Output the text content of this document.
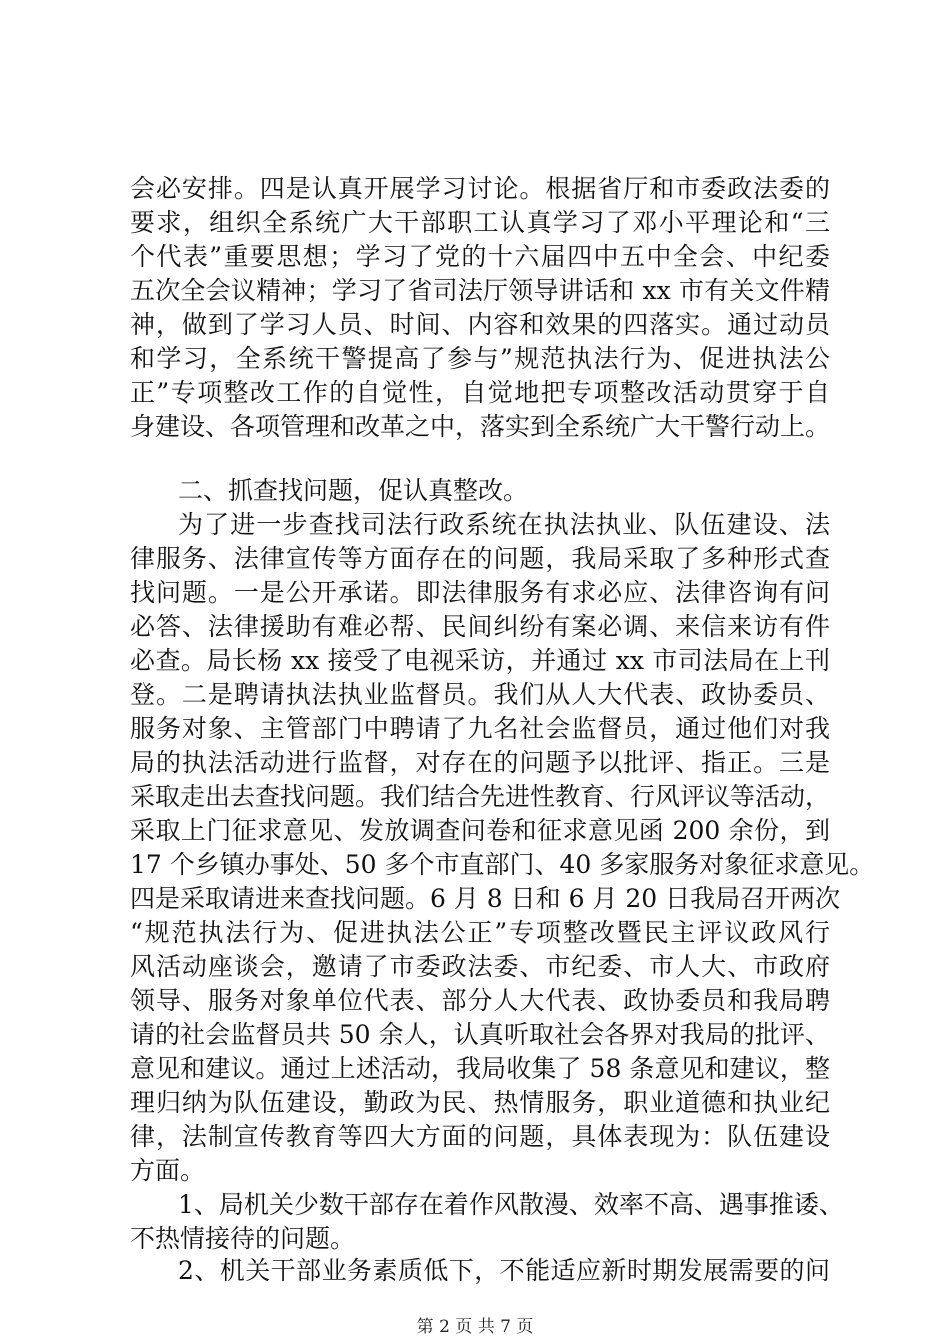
会必安排。四是认真开展学习讨论。根据省厅和市委政法委的
要求，组织全系统广大干部职工认真学习了邓小平理论和“三
个代表”重要思想；学习了党的十六届四中五中全会、中纪委
五次全会议精神；学习了省司法厅领导讲话和 xx 市有关文件精
神，做到了学习人员、时间、内容和效果的四落实。通过动员
和学习，全系统干警提高了参与”规范执法行为、促进执法公
正”专项整改工作的自觉性，自觉地把专项整改活动贯穿于自
身建设、各项管理和改革之中，落实到全系统广大干警行动上。
二、抓查找问题，促认真整改。
为了进一步查找司法行政系统在执法执业、队伍建设、法
律服务、法律宣传等方面存在的问题，我局采取了多种形式查
找问题。一是公开承诺。即法律服务有求必应、法律咨询有问
必答、法律援助有难必帮、民间纠纷有案必调、来信来访有件
必查。局长杨 xx 接受了电视采访，并通过 xx 市司法局在上刊
登。二是聘请执法执业监督员。我们从人大代表、政协委员、
服务对象、主管部门中聘请了九名社会监督员，通过他们对我
局的执法活动进行监督，对存在的问题予以批评、指正。三是
采取走出去查找问题。我们结合先进性教育、行风评议等活动，
采取上门征求意见、发放调查问卷和征求意见函 200 余份，到
17 个乡镇办事处、50 多个市直部门、40 多家服务对象征求意见。
四是采取请进来查找问题。6 月 8 日和 6 月 20 日我局召开两次
“规范执法行为、促进执法公正”专项整改暨民主评议政风行
风活动座谈会，邀请了市委政法委、市纪委、市人大、市政府
领导、服务对象单位代表、部分人大代表、政协委员和我局聘
请的社会监督员共 50 余人，认真听取社会各界对我局的批评、
意见和建议。通过上述活动，我局收集了 58 条意见和建议，整
理归纳为队伍建设，勤政为民、热情服务，职业道德和执业纪
律，法制宣传教育等四大方面的问题，具体表现为：队伍建设
方面。
1、局机关少数干部存在着作风散漫、效率不高、遇事推诿、
不热情接待的问题。
2、机关干部业务素质低下，不能适应新时期发展需要的问
第 2 页 共 7 页
